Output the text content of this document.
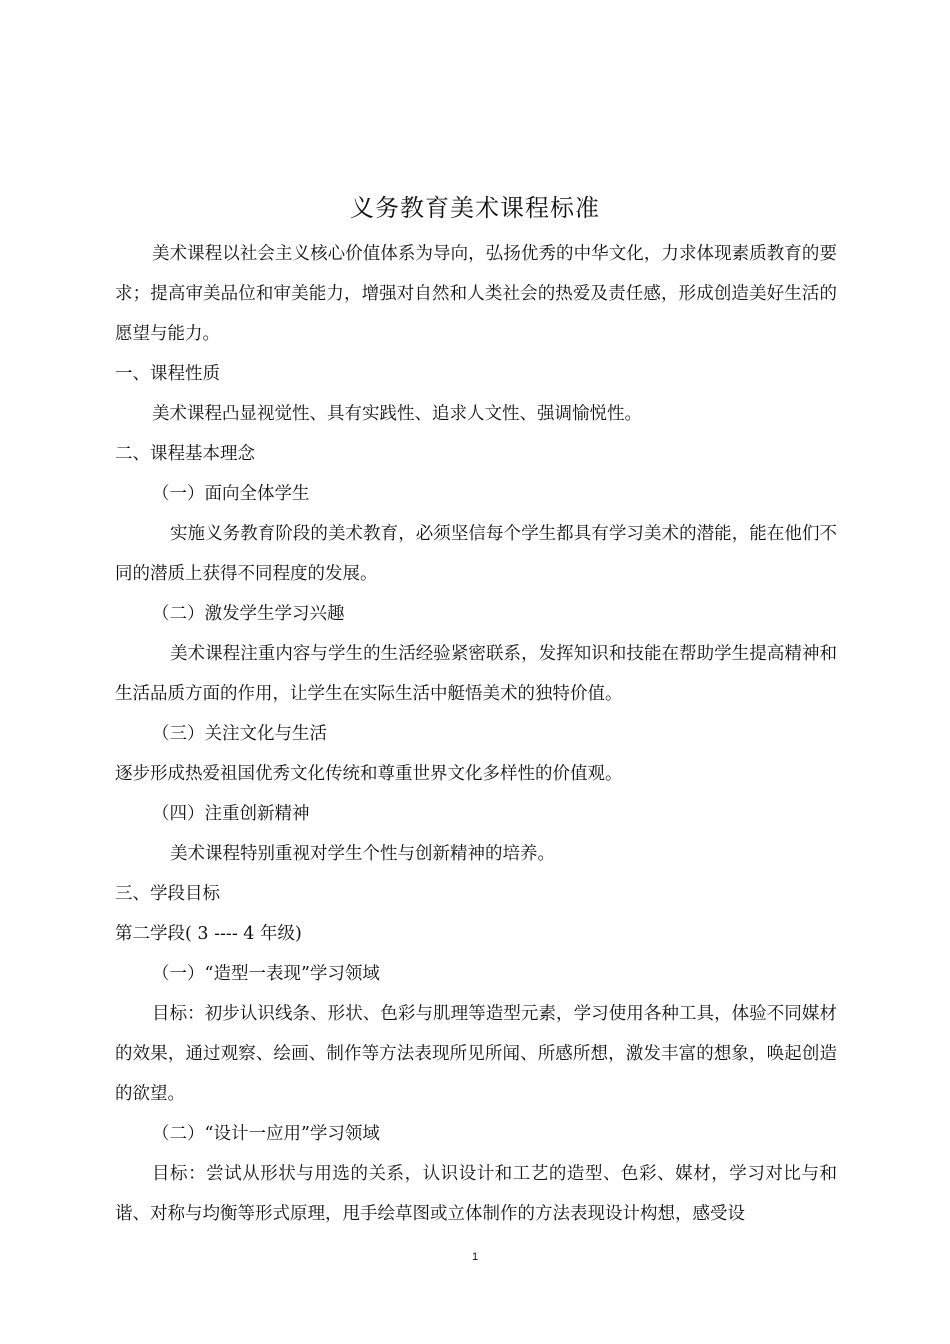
义务教育美术课程标准

美术课程以社会主义核心价值体系为导向，弘扬优秀的中华文化，力求体现素质教育的要求；提高审美品位和审美能力，增强对自然和人类社会的热爱及责任感，形成创造美好生活的愿望与能力。

一、课程性质

美术课程凸显视觉性、具有实践性、追求人文性、强调愉悦性。

二、课程基本理念
（一）面向全体学生

实施义务教育阶段的美术教育，必须坚信每个学生都具有学习美术的潜能，能在他们不同的潜质上获得不同程度的发展。

（二）激发学生学习兴趣

美术课程注重内容与学生的生活经验紧密联系，发挥知识和技能在帮助学生提高精神和生活品质方面的作用，让学生在实际生活中艇悟美术的独特价值。

（三）关注文化与生活

逐步形成热爱祖国优秀文化传统和尊重世界文化多样性的价值观。

（四）注重创新精神

美术课程特别重视对学生个性与创新精神的培养。

三、学段目标
第二学段( 3 ---- 4 年级)
（一）“造型一表现”学习领域

目标：初步认识线条、形状、色彩与肌理等造型元素，学习使用各种工具，体验不同媒材的效果，通过观察、绘画、制作等方法表现所见所闻、所感所想，激发丰富的想象，唤起创造的欲望。

（二）“设计一应用”学习领域

目标：尝试从形状与用选的关系，认识设计和工艺的造型、色彩、媒材，学习对比与和谐、对称与均衡等形式原理，甩手绘草图或立体制作的方法表现设计构想，感受设

1
